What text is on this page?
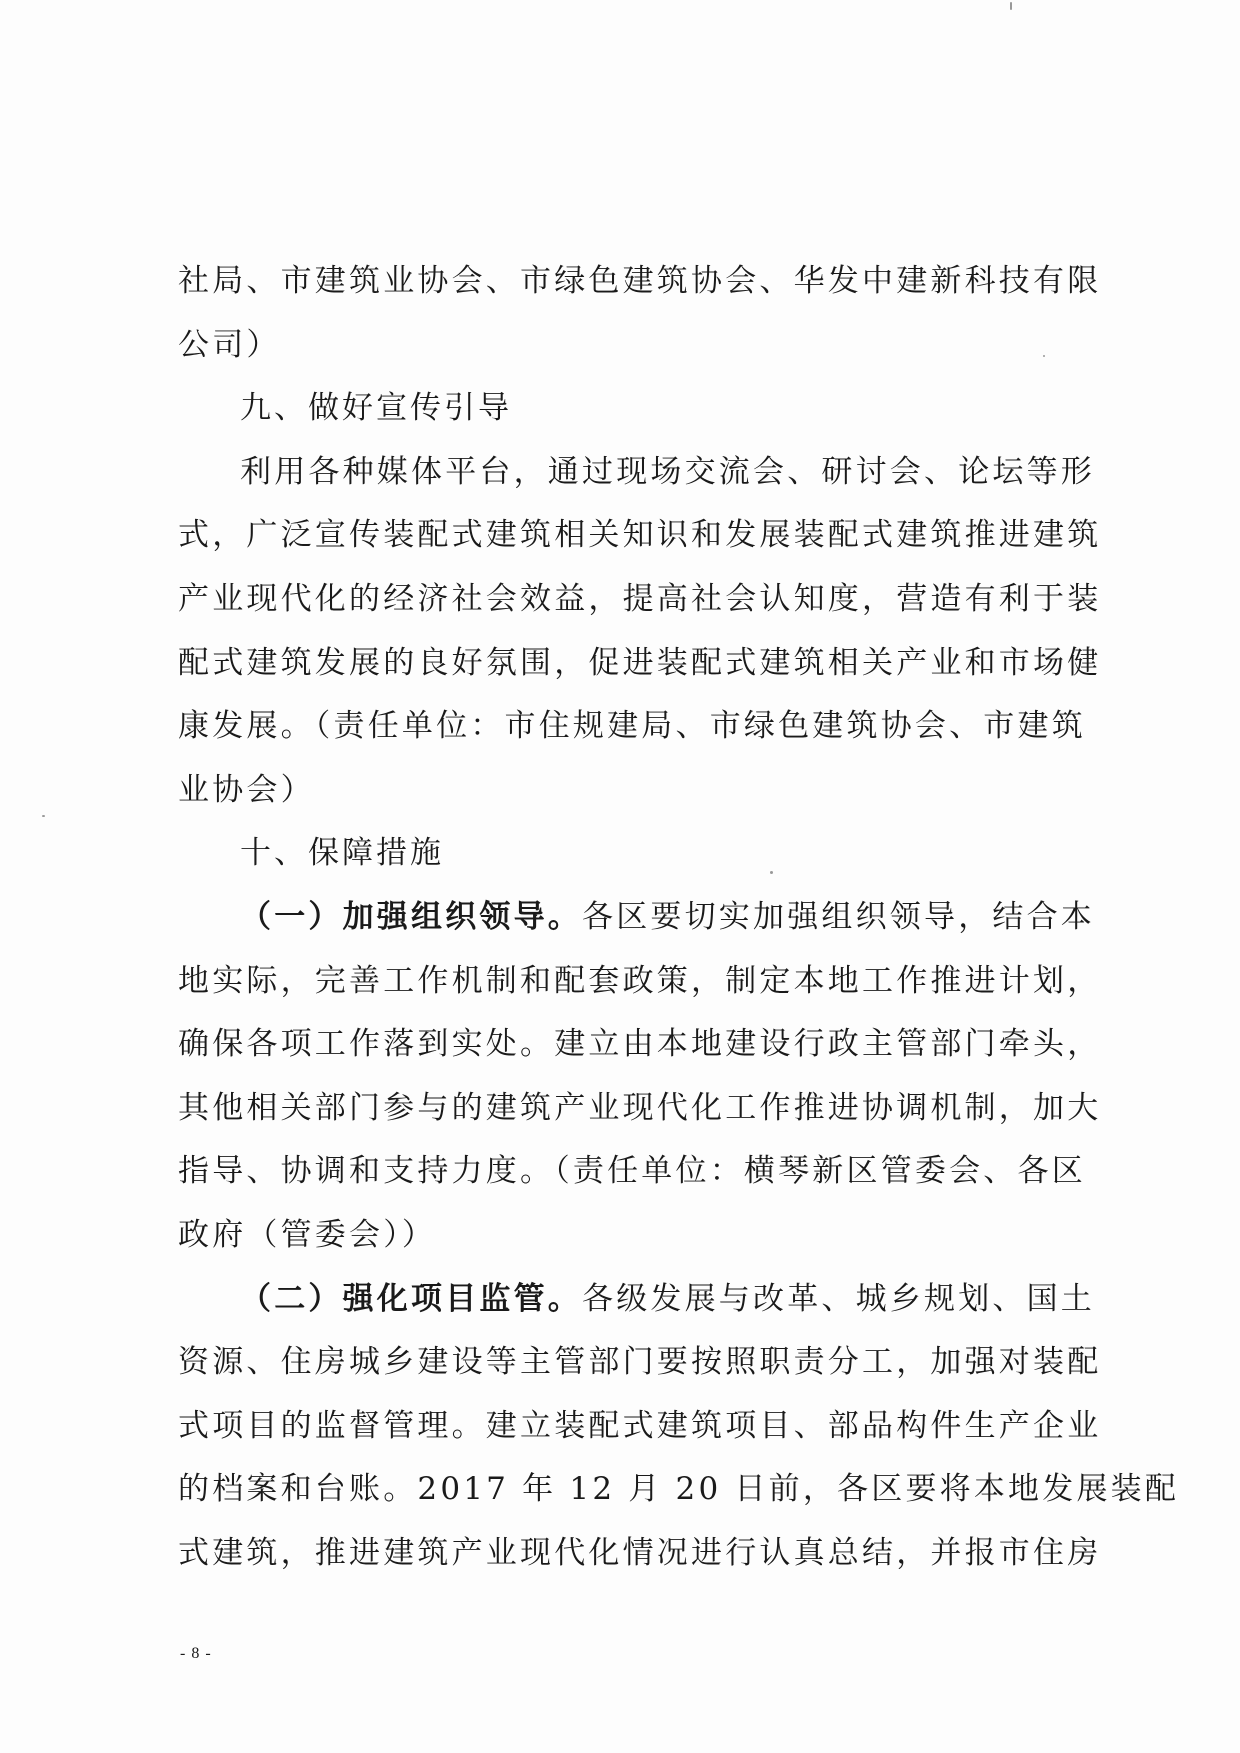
社局、市建筑业协会、市绿色建筑协会、华发中建新科技有限
公司）
九、做好宣传引导
利用各种媒体平台，通过现场交流会、研讨会、论坛等形
式，广泛宣传装配式建筑相关知识和发展装配式建筑推进建筑
产业现代化的经济社会效益，提高社会认知度，营造有利于装
配式建筑发展的良好氛围，促进装配式建筑相关产业和市场健
康发展。（责任单位：市住规建局、市绿色建筑协会、市建筑
业协会）
十、保障措施
（一）加强组织领导。各区要切实加强组织领导，结合本
地实际，完善工作机制和配套政策，制定本地工作推进计划，
确保各项工作落到实处。建立由本地建设行政主管部门牵头，
其他相关部门参与的建筑产业现代化工作推进协调机制，加大
指导、协调和支持力度。（责任单位：横琴新区管委会、各区
政府（管委会））
（二）强化项目监管。各级发展与改革、城乡规划、国土
资源、住房城乡建设等主管部门要按照职责分工，加强对装配
式项目的监督管理。建立装配式建筑项目、部品构件生产企业
的档案和台账。2017 年 12 月 20 日前，各区要将本地发展装配
式建筑，推进建筑产业现代化情况进行认真总结，并报市住房
- 8 -
